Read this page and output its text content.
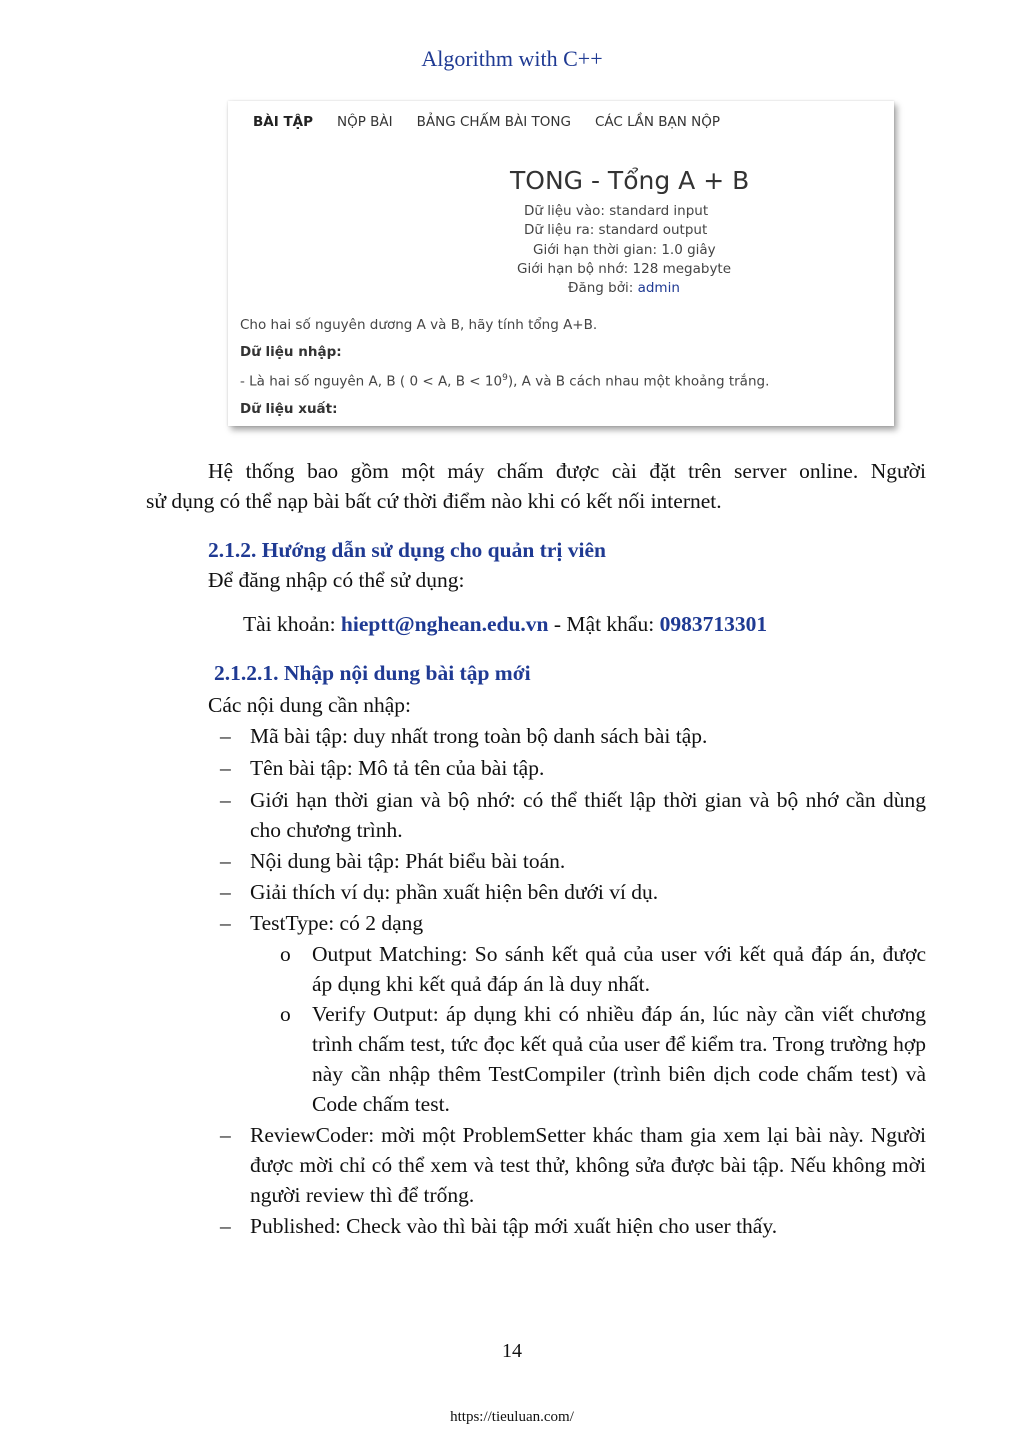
Algorithm with C++
BÀI TẬP NỘP BÀI BẢNG CHẤM BÀI TONG CÁC LẦN BẠN NỘP
TONG - Tổng A + B
Dữ liệu vào: standard input
Dữ liệu ra: standard output
Giới hạn thời gian: 1.0 giây
Giới hạn bộ nhớ: 128 megabyte
Đăng bởi: admin
Cho hai số nguyên dương A và B, hãy tính tổng A+B.
Dữ liệu nhập:
- Là hai số nguyên A, B ( 0 < A, $B < 10^9$), A và B cách nhau một khoảng trắng.
Dữ liệu xuất:
Hệ thống bao gồm một máy chấm được cài đặt trên server online. Người
sử dụng có thể nạp bài bất cứ thời điểm nào khi có kết nối internet.
2.1.2. Hướng dẫn sử dụng cho quản trị viên
Để đăng nhập có thể sử dụng:
Tài khoản: hieptt@nghean.edu.vn - Mật khẩu: 0983713301
2.1.2.1. Nhập nội dung bài tập mới
Các nội dung cần nhập:
– Mã bài tập: duy nhất trong toàn bộ danh sách bài tập.
– Tên bài tập: Mô tả tên của bài tập.
– Giới hạn thời gian và bộ nhớ: có thể thiết lập thời gian và bộ nhớ cần dùng cho chương trình.
– Nội dung bài tập: Phát biểu bài toán.
– Giải thích ví dụ: phần xuất hiện bên dưới ví dụ.
– TestType: có 2 dạng
o Output Matching: So sánh kết quả của user với kết quả đáp án, được áp dụng khi kết quả đáp án là duy nhất.
o Verify Output: áp dụng khi có nhiều đáp án, lúc này cần viết chương trình chấm test, tức đọc kết quả của user để kiểm tra. Trong trường hợp này cần nhập thêm TestCompiler (trình biên dịch code chấm test) và Code chấm test.
– ReviewCoder: mời một ProblemSetter khác tham gia xem lại bài này. Người được mời chỉ có thể xem và test thử, không sửa được bài tập. Nếu không mời người review thì để trống.
– Published: Check vào thì bài tập mới xuất hiện cho user thấy.
14
https://tieuluan.com/
